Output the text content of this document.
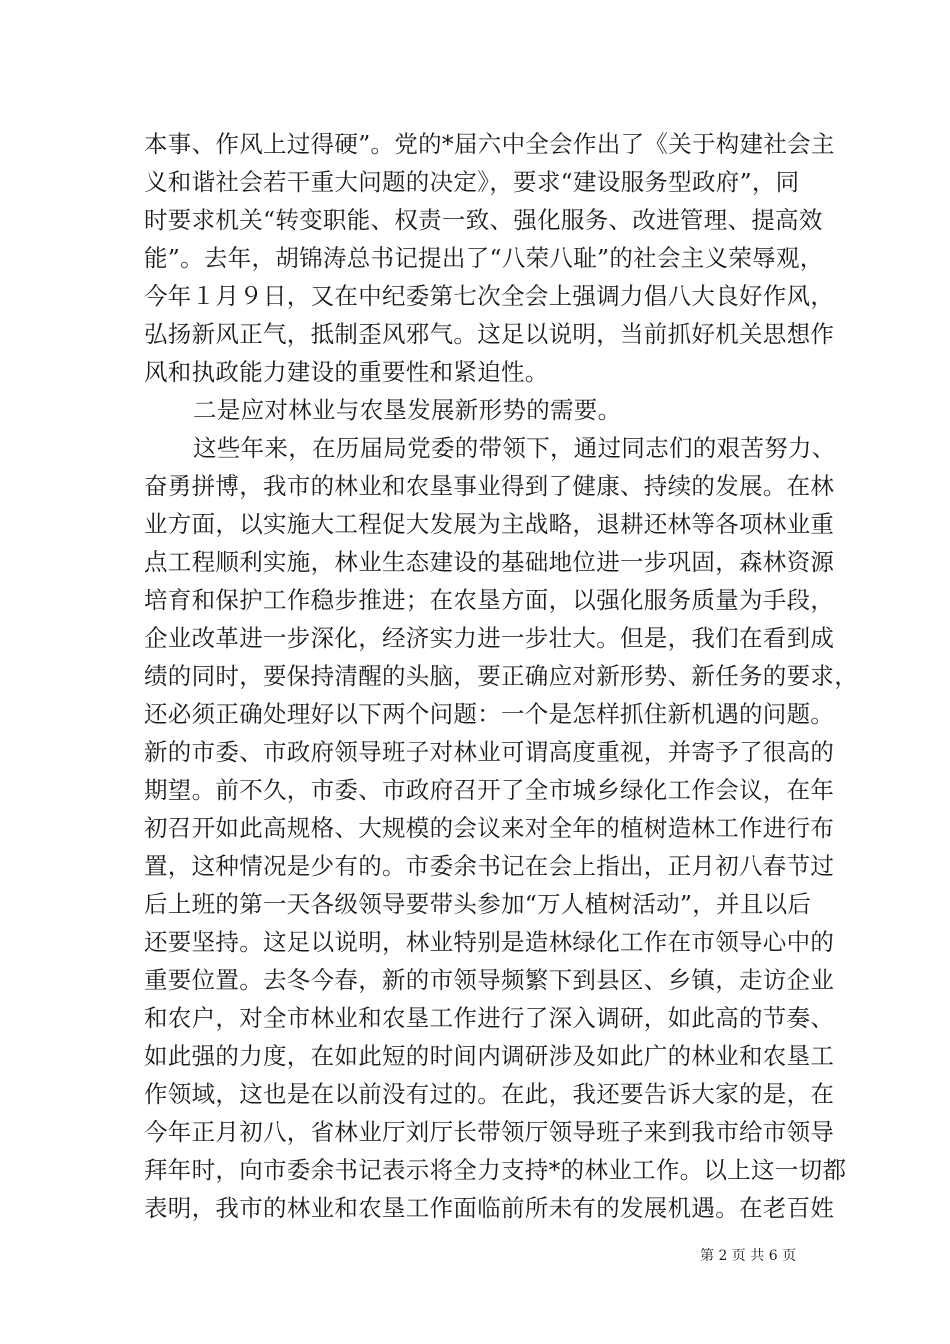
本事、作风上过得硬”。党的*届六中全会作出了《关于构建社会主
义和谐社会若干重大问题的决定》，要求“建设服务型政府”，同
时要求机关“转变职能、权责一致、强化服务、改进管理、提高效
能”。去年，胡锦涛总书记提出了“八荣八耻”的社会主义荣辱观，
今年１月９日，又在中纪委第七次全会上强调力倡八大良好作风，
弘扬新风正气，抵制歪风邪气。这足以说明，当前抓好机关思想作
风和执政能力建设的重要性和紧迫性。
二是应对林业与农垦发展新形势的需要。
这些年来，在历届局党委的带领下，通过同志们的艰苦努力、
奋勇拼博，我市的林业和农垦事业得到了健康、持续的发展。在林
业方面，以实施大工程促大发展为主战略，退耕还林等各项林业重
点工程顺利实施，林业生态建设的基础地位进一步巩固，森林资源
培育和保护工作稳步推进；在农垦方面，以强化服务质量为手段，
企业改革进一步深化，经济实力进一步壮大。但是，我们在看到成
绩的同时，要保持清醒的头脑，要正确应对新形势、新任务的要求，
还必须正确处理好以下两个问题：一个是怎样抓住新机遇的问题。
新的市委、市政府领导班子对林业可谓高度重视，并寄予了很高的
期望。前不久，市委、市政府召开了全市城乡绿化工作会议，在年
初召开如此高规格、大规模的会议来对全年的植树造林工作进行布
置，这种情况是少有的。市委余书记在会上指出，正月初八春节过
后上班的第一天各级领导要带头参加“万人植树活动”，并且以后
还要坚持。这足以说明，林业特别是造林绿化工作在市领导心中的
重要位置。去冬今春，新的市领导频繁下到县区、乡镇，走访企业
和农户，对全市林业和农垦工作进行了深入调研，如此高的节奏、
如此强的力度，在如此短的时间内调研涉及如此广的林业和农垦工
作领域，这也是在以前没有过的。在此，我还要告诉大家的是，在
今年正月初八，省林业厅刘厅长带领厅领导班子来到我市给市领导
拜年时，向市委余书记表示将全力支持*的林业工作。以上这一切都
表明，我市的林业和农垦工作面临前所未有的发展机遇。在老百姓
第 2 页 共 6 页
